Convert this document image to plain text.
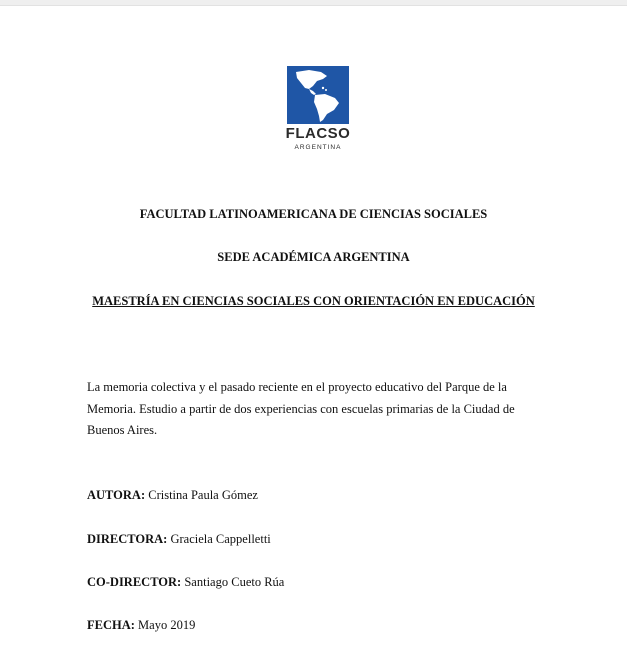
FLACSO
ARGENTINA
FACULTAD LATINOAMERICANA DE CIENCIAS SOCIALES
SEDE ACADÉMICA ARGENTINA
MAESTRÍA EN CIENCIAS SOCIALES CON ORIENTACIÓN EN EDUCACIÓN
La memoria colectiva y el pasado reciente en el proyecto educativo del Parque de la Memoria. Estudio a partir de dos experiencias con escuelas primarias de la Ciudad de Buenos Aires.
AUTORA: Cristina Paula Gómez
DIRECTORA: Graciela Cappelletti
CO-DIRECTOR: Santiago Cueto Rúa
FECHA: Mayo 2019
